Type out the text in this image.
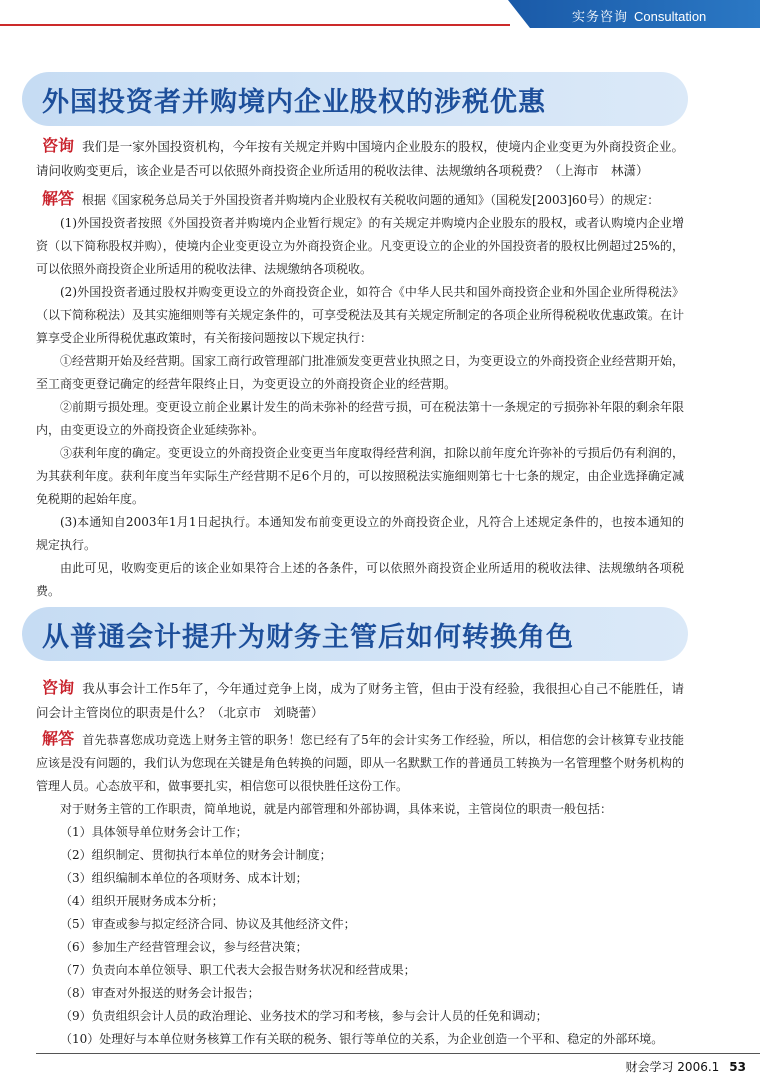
实务咨询 Consultation
外国投资者并购境内企业股权的涉税优惠

咨询 我们是一家外国投资机构，今年按有关规定并购中国境内企业股东的股权，使境内企业变更为外商投资企业。请问收购变更后，该企业是否可以依照外商投资企业所适用的税收法律、法规缴纳各项税费？（上海市　林潇）

解答 根据《国家税务总局关于外国投资者并购境内企业股权有关税收问题的通知》（国税发[2003]60号）的规定：

(1)外国投资者按照《外国投资者并购境内企业暂行规定》的有关规定并购境内企业股东的股权，或者认购境内企业增资（以下简称股权并购），使境内企业变更设立为外商投资企业。凡变更设立的企业的外国投资者的股权比例超过25%的，可以依照外商投资企业所适用的税收法律、法规缴纳各项税收。

(2)外国投资者通过股权并购变更设立的外商投资企业，如符合《中华人民共和国外商投资企业和外国企业所得税法》（以下简称税法）及其实施细则等有关规定条件的，可享受税法及其有关规定所制定的各项企业所得税税收优惠政策。在计算享受企业所得税优惠政策时，有关衔接问题按以下规定执行：

①经营期开始及经营期。国家工商行政管理部门批准颁发变更营业执照之日，为变更设立的外商投资企业经营期开始，至工商变更登记确定的经营年限终止日，为变更设立的外商投资企业的经营期。

②前期亏损处理。变更设立前企业累计发生的尚未弥补的经营亏损，可在税法第十一条规定的亏损弥补年限的剩余年限内，由变更设立的外商投资企业延续弥补。

③获利年度的确定。变更设立的外商投资企业变更当年度取得经营利润，扣除以前年度允许弥补的亏损后仍有利润的，为其获利年度。获利年度当年实际生产经营期不足6个月的，可以按照税法实施细则第七十七条的规定，由企业选择确定减免税期的起始年度。

(3)本通知自2003年1月1日起执行。本通知发布前变更设立的外商投资企业，凡符合上述规定条件的，也按本通知的规定执行。

由此可见，收购变更后的该企业如果符合上述的各条件，可以依照外商投资企业所适用的税收法律、法规缴纳各项税费。

从普通会计提升为财务主管后如何转换角色

咨询 我从事会计工作5年了，今年通过竞争上岗，成为了财务主管，但由于没有经验，我很担心自己不能胜任，请问会计主管岗位的职责是什么？（北京市　刘晓蕾）

解答 首先恭喜您成功竞选上财务主管的职务！您已经有了5年的会计实务工作经验，所以，相信您的会计核算专业技能应该是没有问题的，我们认为您现在关键是角色转换的问题，即从一名默默工作的普通员工转换为一名管理整个财务机构的管理人员。心态放平和，做事要扎实，相信您可以很快胜任这份工作。

对于财务主管的工作职责，简单地说，就是内部管理和外部协调，具体来说，主管岗位的职责一般包括：

（1）具体领导单位财务会计工作；

（2）组织制定、贯彻执行本单位的财务会计制度；

（3）组织编制本单位的各项财务、成本计划；

（4）组织开展财务成本分析；

（5）审查或参与拟定经济合同、协议及其他经济文件；

（6）参加生产经营管理会议，参与经营决策；

（7）负责向本单位领导、职工代表大会报告财务状况和经营成果；

（8）审查对外报送的财务会计报告；

（9）负责组织会计人员的政治理论、业务技术的学习和考核，参与会计人员的任免和调动；

（10）处理好与本单位财务核算工作有关联的税务、银行等单位的关系，为企业创造一个平和、稳定的外部环境。

财会学习 2006.1 53
